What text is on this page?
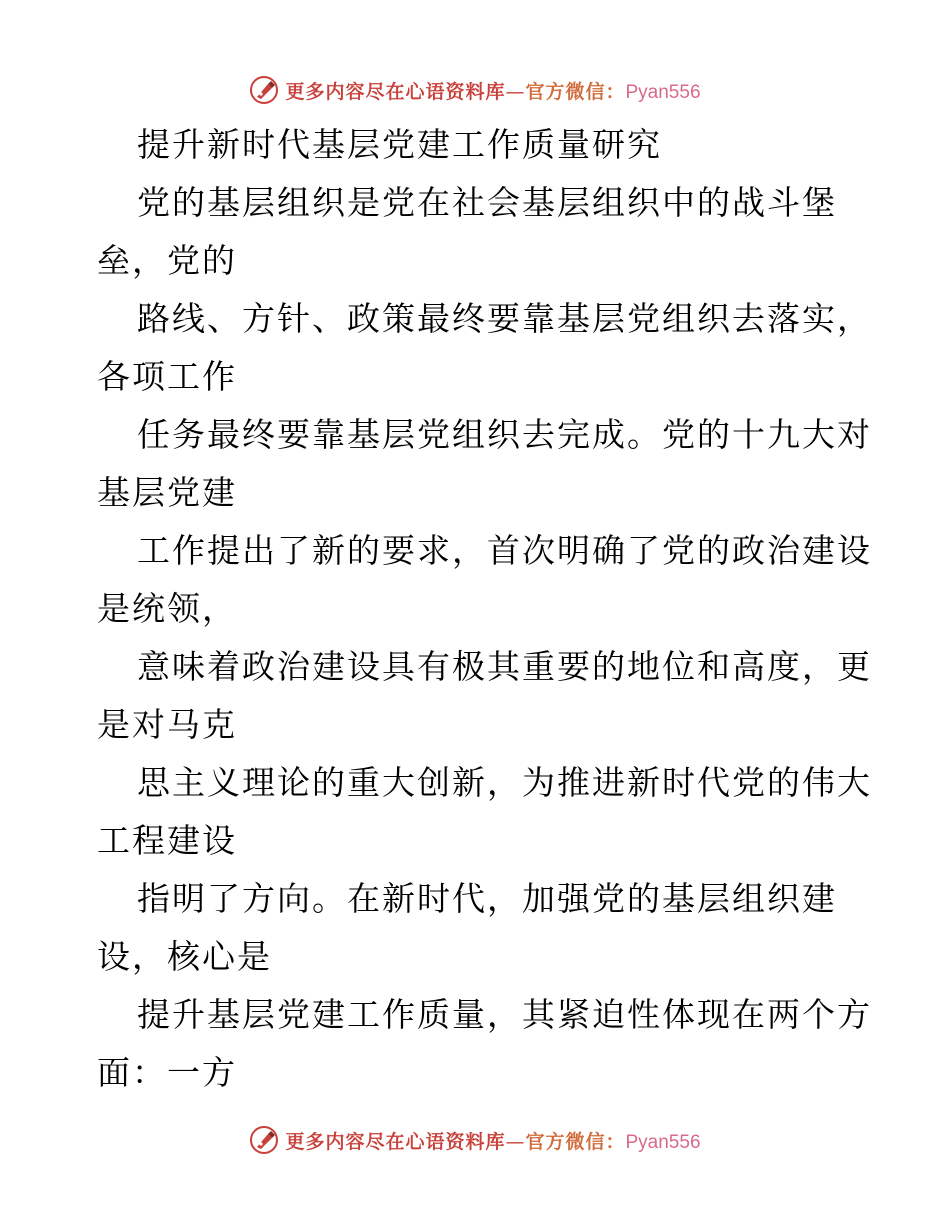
更多内容尽在心语资料库—官方微信：Pyan556
提升新时代基层党建工作质量研究
党的基层组织是党在社会基层组织中的战斗堡
垒，党的
路线、方针、政策最终要靠基层党组织去落实，
各项工作
任务最终要靠基层党组织去完成。党的十九大对
基层党建
工作提出了新的要求，首次明确了党的政治建设
是统领，
意味着政治建设具有极其重要的地位和高度，更
是对马克
思主义理论的重大创新，为推进新时代党的伟大
工程建设
指明了方向。在新时代，加强党的基层组织建
设，核心是
提升基层党建工作质量，其紧迫性体现在两个方
面：一方
更多内容尽在心语资料库—官方微信：Pyan556
